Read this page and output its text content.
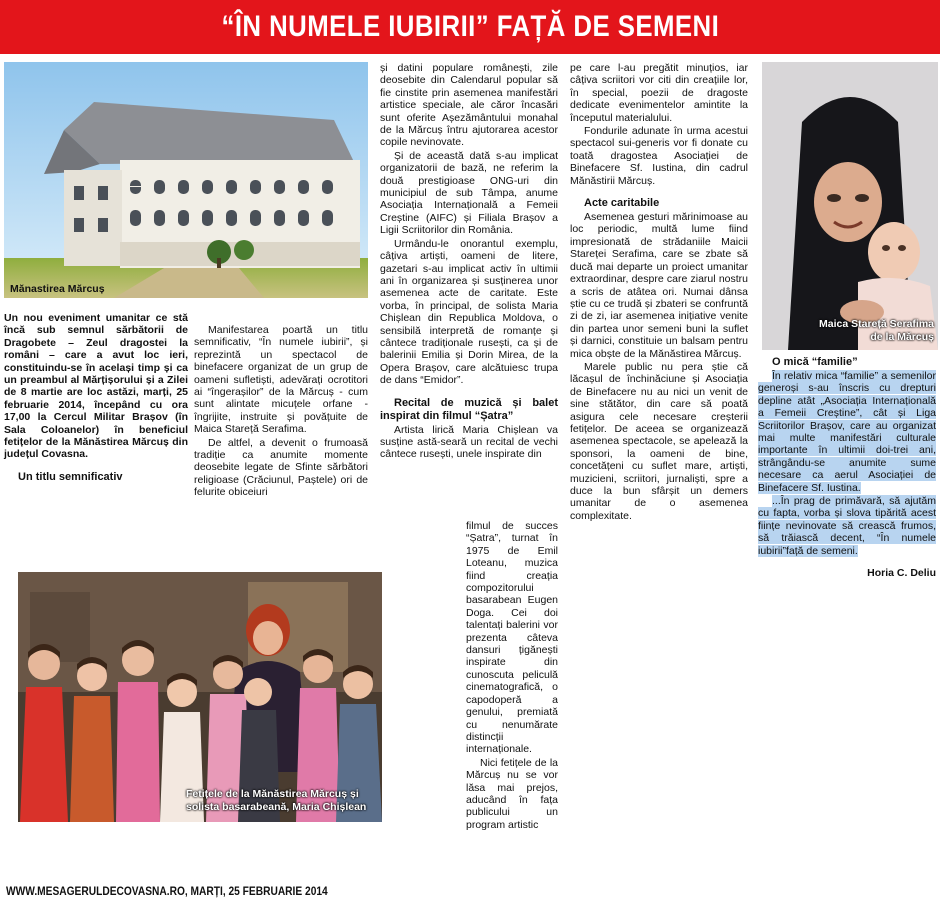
“ÎN NUMELE IUBIRII” FAȚĂ DE SEMENI
Mănastirea Mărcuș

Un nou eveniment umanitar ce stă încă sub semnul sărbătorii de Dragobete – Zeul dragostei la români – care a avut loc ieri, constituindu-se în același timp și ca un preambul al Mărțișorului și a Zilei de 8 martie are loc astăzi, marți, 25 februarie 2014, începând cu ora 17,00 la Cercul Militar Brașov (în Sala Coloanelor) în beneficiul fetițelor de la Mănăstirea Mărcuș din județul Covasna.

Un titlu semnificativ

Manifestarea poartă un titlu semnificativ, “În numele iubirii”, și reprezintă un spectacol de binefacere organizat de un grup de oameni sufletiști, adevărați ocrotitori ai “îngerașilor” de la Mărcuș - cum sunt alintate micuțele orfane - îngrijite, instruite și povățuite de Maica Stareță Serafima.

De altfel, a devenit o frumoasă tradiție ca anumite momente deosebite legate de Sfinte sărbători religioase (Crăciunul, Paștele) ori de felurite obiceiuri

Fetițele de la Mănăstirea Mărcuș și
solista basarabeană, Maria Chișlean

și datini populare românești, zile deosebite din Calendarul popular să fie cinstite prin asemenea manifestări artistice speciale, ale căror încasări sunt oferite Așezământului monahal de la Mărcuș întru ajutorarea acestor copile nevinovate.

Și de această dată s-au implicat organizatorii de bază, ne referim la două prestigioase ONG-uri din municipiul de sub Tâmpa, anume Asociația Internațională a Femeii Creștine (AIFC) și Filiala Brașov a Ligii Scriitorilor din România.

Urmându-le onorantul exemplu, câțiva artiști, oameni de litere, gazetari s-au implicat activ în ultimii ani în organizarea și susținerea unor asemenea acte de caritate. Este vorba, în principal, de solista Maria Chișlean din Republica Moldova, o sensibilă interpretă de romanțe și cântece tradiționale rusești, ca și de balerinii Emilia și Dorin Mirea, de la Opera Brașov, care alcătuiesc trupa de dans “Emidor”.

Recital de muzică și balet inspirat din filmul “Șatra”

Artista lirică Maria Chișlean va susține astă-seară un recital de vechi cântece rusești, unele inspirate din

filmul de succes “Șatra”, turnat în 1975 de Emil Loteanu, muzica fiind creația compozitorului basarabean Eugen Doga. Cei doi talentați balerini vor prezenta câteva dansuri țigănești inspirate din cunoscuta peliculă cinematografică, o capodoperă a genului, premiată cu nenumărate distincții internaționale.

Nici fetițele de la Mărcuș nu se vor lăsa mai prejos, aducând în fața publicului un program artistic

pe care l-au pregătit minuțios, iar câțiva scriitori vor citi din creațiile lor, în special, poezii de dragoste dedicate evenimentelor amintite la începutul materialului.

Fondurile adunate în urma acestui spectacol sui-generis vor fi donate cu toată dragostea Asociației de Binefacere Sf. Iustina, din cadrul Mănăstirii Mărcuș.

Acte caritabile

Asemenea gesturi mărinimoase au loc periodic, multă lume fiind impresionată de strădaniile Maicii Stareței Serafima, care se zbate să ducă mai departe un proiect umanitar extraordinar, despre care ziarul nostru a scris de atâtea ori. Numai dânsa știe cu ce trudă și zbateri se confruntă zi de zi, iar asemenea inițiative venite din partea unor semeni buni la suflet și darnici, constituie un balsam pentru mica obște de la Mănăstirea Mărcuș.

Marele public nu pera știe că lăcașul de închinăciune și Asociația de Binefacere nu au nici un venit de sine stătător, din care să poată asigura cele necesare creșterii fetițelor. De aceea se organizează asemenea spectacole, se apelează la sponsori, la oameni de bine, concetățeni cu suflet mare, artiști, muzicieni, scriitori, jurnaliști, spre a duce la bun sfârșit un demers umanitar de o asemenea complexitate.

Maica Stareță Serafima
de la Mărcuș

O mică “familie”

În relativ mica “familie” a semenilor generoși s-au înscris cu drepturi depline atât „Asociația Internațională a Femeii Creștine”, cât și Liga Scriitorilor Brașov, care au organizat mai multe manifestări culturale importante în ultimii doi-trei ani, strângându-se anumite sume necesare ca aerul Asociației de Binefacere Sf. Iustina.

...În prag de primăvară, să ajutăm cu fapta, vorba și slova tipărită acest ființe nevinovate să crească frumos, să trăiască decent, “În numele iubirii”față de semeni.

Horia C. Deliu

WWW.MESAGERULDECOVASNA.RO, MARȚI, 25 FEBRUARIE 2014
